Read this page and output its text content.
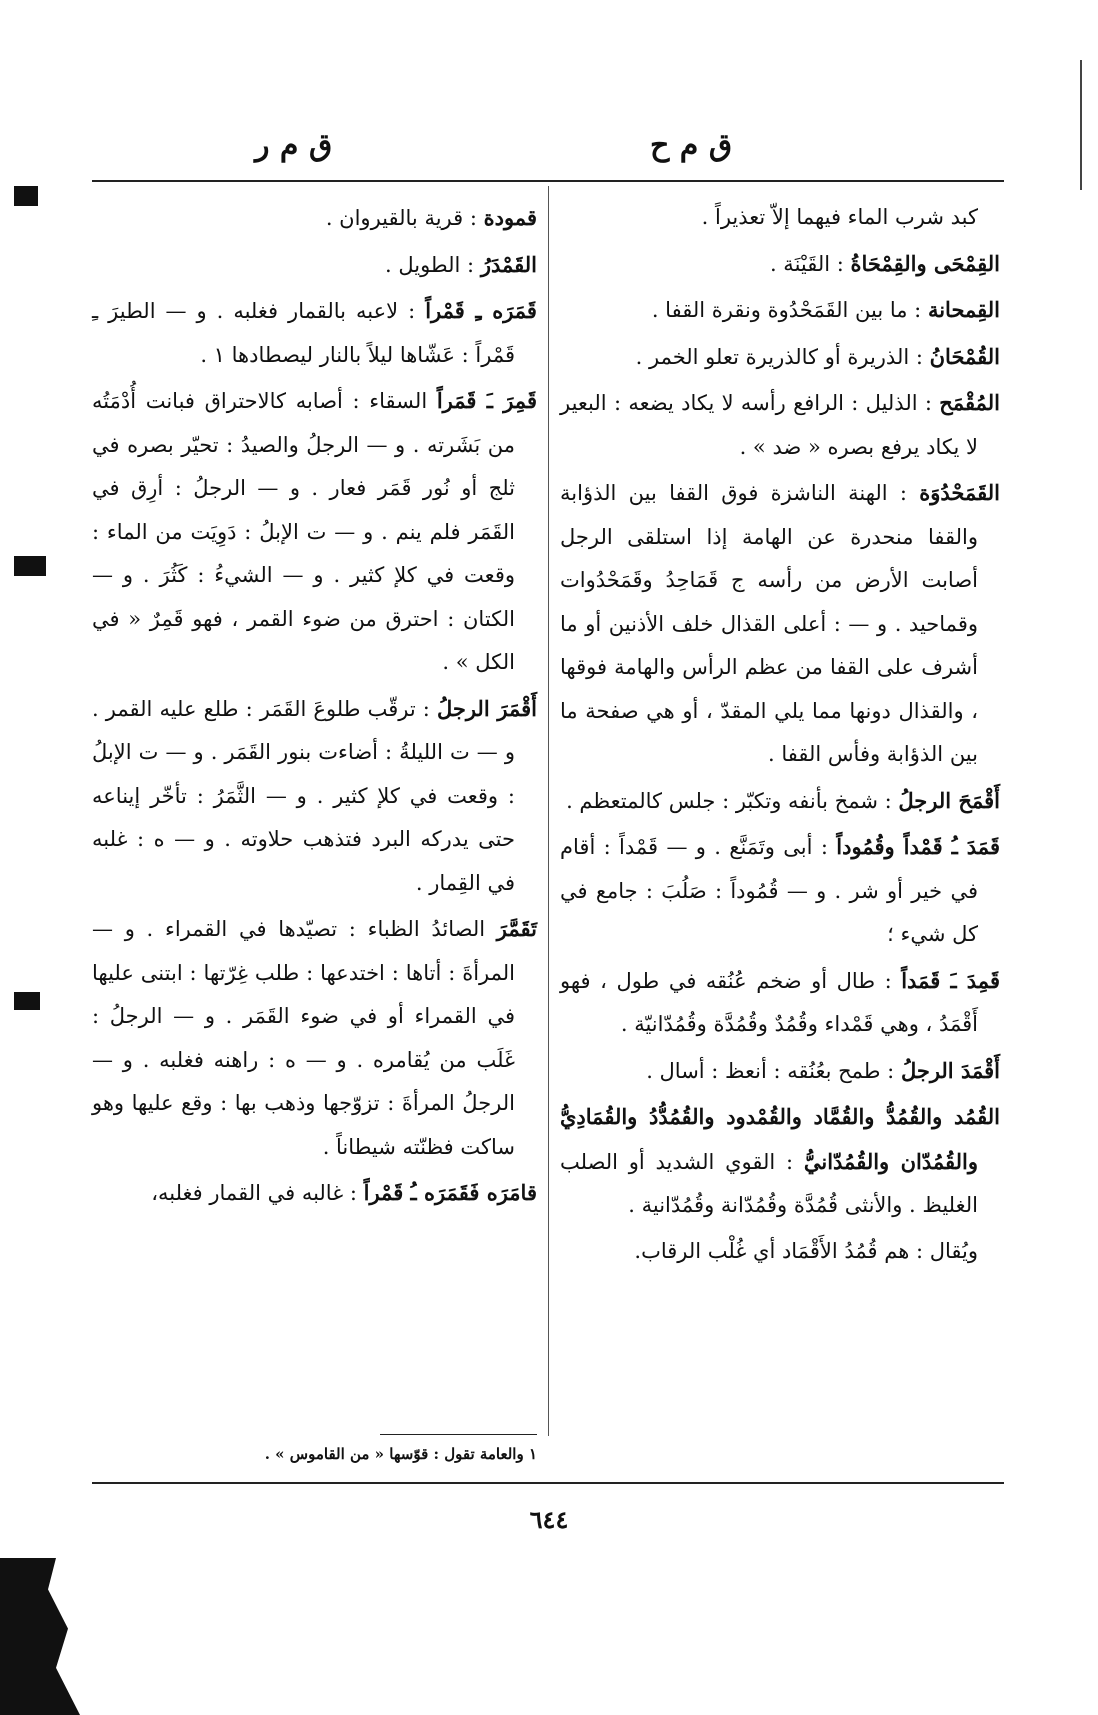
ق م ح
ق م ر

كبد شرب الماء فيهما إلاّ تعذيراً .

القِمْحَى والقِمْحَاةُ : القَيْنَة .

القِمحانة : ما بين القَمَحْدُوة ونقرة القفا .

القُمْحَانُ : الذريرة أو كالذريرة تعلو الخمر .

المُقْمَح : الذليل : الرافع رأسه لا يكاد يضعه : البعير لا يكاد يرفع بصره « ضد » .

القَمَحْدُوَة : الهنة الناشزة فوق القفا بين الذؤابة والقفا منحدرة عن الهامة إذا استلقى الرجل أصابت الأرض من رأسه ج قَمَاحِدُ وقَمَحْدُوات وقماحيد . و — : أعلى القذال خلف الأذنين أو ما أشرف على القفا من عظم الرأس والهامة فوقها ، والقذال دونها مما يلي المقدّ ، أو هي صفحة ما بين الذؤابة وفأس القفا .

أَقْمَحَ الرجلُ : شمخ بأنفه وتكبّر : جلس كالمتعظم .

قَمَدَ ـُ قَمْداً وقُمُوداً : أبى وتَمَنَّع . و — قَمْداً : أقام في خير أو شر . و — قُمُوداً : صَلُبَ : جامع في كل شيء ؛

قَمِدَ ـَ قَمَداً : طال أو ضخم عُنُقه في طول ، فهو أَقْمَدُ ، وهي قَمْداء وقُمُدٌ وقُمُدَّة وقُمُدّانيّة .

أَقْمَدَ الرجلُ : طمح بعُنُقه : أنعظ : أسال .

القُمُد والقُمُدُّ والقُمَّاد والقُمْدود والقُمُدُّدُ والقُمَادِيُّ والقُمُدّان والقُمُدّانيُّ : القوي الشديد أو الصلب الغليظ . والأنثى قُمُدَّة وقُمُدّانة وقُمُدّانية .

ويُقال : هم قُمُدُ الأَقْمَاد أي غُلْب الرقاب.

قمودة : قرية بالقيروان .

القَمْدَرُ : الطويل .

قَمَرَه ـِ قَمْراً : لاعبه بالقمار فغلبه . و — الطيرَ ـِ قَمْراً : عَشّاها ليلاً بالنار ليصطادها ١ .

قَمِرَ ـَ قَمَراً السقاء : أصابه كالاحتراق فبانت أُدْمَتُه من بَشَرته . و — الرجلُ والصيدُ : تحيّر بصره في ثلج أو نُور قَمَر فعار . و — الرجلُ : أرِق في القَمَر فلم ينم . و — ت الإبلُ : دَوِيَت من الماء : وقعت في كلإ كثير . و — الشيءُ : كَثُرَ . و — الكتان : احترق من ضوء القمر ، فهو قَمِرٌ « في الكل » .

أَقْمَرَ الرجلُ : ترقّب طلوعَ القَمَر : طلع عليه القمر . و — ت الليلةُ : أضاءت بنور القَمَر . و — ت الإبلُ : وقعت في كلإ كثير . و — الثَّمَرُ : تأخّر إيناعه حتى يدركه البرد فتذهب حلاوته . و — ه : غلبه في القِمار .

تَقَمَّرَ الصائدُ الظباء : تصيّدها في القمراء . و — المرأةَ : أتاها : اختدعها : طلب غِرّتها : ابتنى عليها في القمراء أو في ضوء القَمَر . و — الرجلُ : غَلَب من يُقامره . و — ه : راهنه فغلبه . و — الرجلُ المرأةَ : تزوّجها وذهب بها : وقع عليها وهو ساكت فظنّته شيطاناً .

قامَرَه فَقَمَرَه ـُ قَمْراً : غالبه في القمار فغلبه،

١ والعامة تقول : قوّسها « من القاموس » .
٦٤٤
